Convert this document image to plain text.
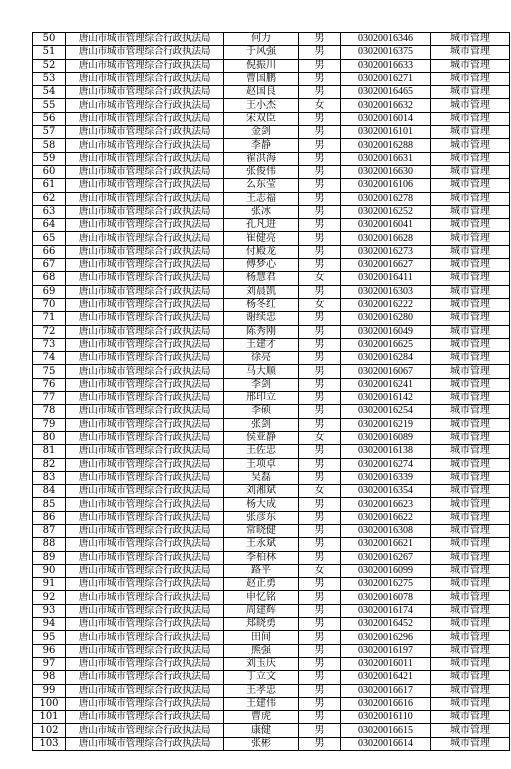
50	唐山市城市管理综合行政执法局	何力	男	03020016346	城市管理
51	唐山市城市管理综合行政执法局	于风强	男	03020016375	城市管理
52	唐山市城市管理综合行政执法局	倪振川	男	03020016633	城市管理
53	唐山市城市管理综合行政执法局	曹国鹏	男	03020016271	城市管理
54	唐山市城市管理综合行政执法局	赵国良	男	03020016465	城市管理
55	唐山市城市管理综合行政执法局	王小杰	女	03020016632	城市管理
56	唐山市城市管理综合行政执法局	宋双臣	男	03020016014	城市管理
57	唐山市城市管理综合行政执法局	金剑	男	03020016101	城市管理
58	唐山市城市管理综合行政执法局	李静	男	03020016288	城市管理
59	唐山市城市管理综合行政执法局	翟洪海	男	03020016631	城市管理
60	唐山市城市管理综合行政执法局	张俊伟	男	03020016630	城市管理
61	唐山市城市管理综合行政执法局	么东莹	男	03020016106	城市管理
62	唐山市城市管理综合行政执法局	王志福	男	03020016278	城市管理
63	唐山市城市管理综合行政执法局	张冰	男	03020016252	城市管理
64	唐山市城市管理综合行政执法局	孔凡进	男	03020016041	城市管理
65	唐山市城市管理综合行政执法局	崔健亮	男	03020016628	城市管理
66	唐山市城市管理综合行政执法局	付殿龙	男	03020016273	城市管理
67	唐山市城市管理综合行政执法局	傅梦心	男	03020016627	城市管理
68	唐山市城市管理综合行政执法局	杨慧君	女	03020016411	城市管理
69	唐山市城市管理综合行政执法局	刘晨凯	男	03020016303	城市管理
70	唐山市城市管理综合行政执法局	杨冬红	女	03020016222	城市管理
71	唐山市城市管理综合行政执法局	谢续忠	男	03020016280	城市管理
72	唐山市城市管理综合行政执法局	陈秀刚	男	03020016049	城市管理
73	唐山市城市管理综合行政执法局	王建才	男	03020016625	城市管理
74	唐山市城市管理综合行政执法局	徐亮	男	03020016284	城市管理
75	唐山市城市管理综合行政执法局	马大顺	男	03020016067	城市管理
76	唐山市城市管理综合行政执法局	李剑	男	03020016241	城市管理
77	唐山市城市管理综合行政执法局	邢印立	男	03020016142	城市管理
78	唐山市城市管理综合行政执法局	李硕	男	03020016254	城市管理
79	唐山市城市管理综合行政执法局	张剑	男	03020016219	城市管理
80	唐山市城市管理综合行政执法局	侯亚静	女	03020016089	城市管理
81	唐山市城市管理综合行政执法局	王佐忠	男	03020016138	城市管理
82	唐山市城市管理综合行政执法局	王项卓	男	03020016274	城市管理
83	唐山市城市管理综合行政执法局	吴磊	男	03020016339	城市管理
84	唐山市城市管理综合行政执法局	刘湘斌	女	03020016354	城市管理
85	唐山市城市管理综合行政执法局	杨大成	男	03020016623	城市管理
86	唐山市城市管理综合行政执法局	张彦东	男	03020016622	城市管理
87	唐山市城市管理综合行政执法局	常晓健	男	03020016308	城市管理
88	唐山市城市管理综合行政执法局	王永斌	男	03020016621	城市管理
89	唐山市城市管理综合行政执法局	李柏林	男	03020016267	城市管理
90	唐山市城市管理综合行政执法局	路平	女	03020016099	城市管理
91	唐山市城市管理综合行政执法局	赵正勇	男	03020016275	城市管理
92	唐山市城市管理综合行政执法局	申忆铭	男	03020016078	城市管理
93	唐山市城市管理综合行政执法局	周建辉	男	03020016174	城市管理
94	唐山市城市管理综合行政执法局	郑晓勇	男	03020016452	城市管理
95	唐山市城市管理综合行政执法局	田间	男	03020016296	城市管理
96	唐山市城市管理综合行政执法局	熊强	男	03020016197	城市管理
97	唐山市城市管理综合行政执法局	刘玉庆	男	03020016011	城市管理
98	唐山市城市管理综合行政执法局	丁立文	男	03020016421	城市管理
99	唐山市城市管理综合行政执法局	王孝忠	男	03020016617	城市管理
100	唐山市城市管理综合行政执法局	王建伟	男	03020016616	城市管理
101	唐山市城市管理综合行政执法局	曹虎	男	03020016110	城市管理
102	唐山市城市管理综合行政执法局	康健	男	03020016615	城市管理
103	唐山市城市管理综合行政执法局	张彬	男	03020016614	城市管理
